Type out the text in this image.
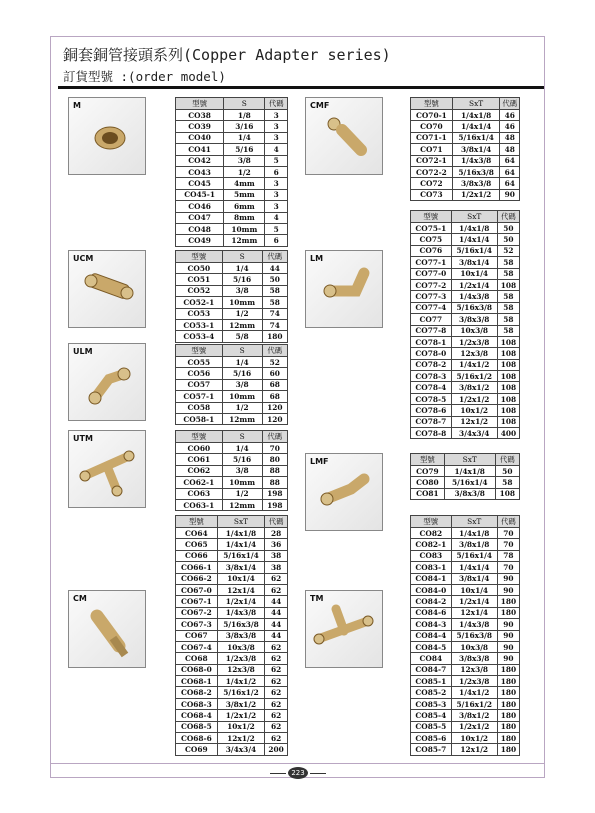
銅套銅管接頭系列(Copper Adapter series)
訂貨型號 :(order model)
M
UCM
ULM
UTM
CM
CMF
LM
LMF
TM
型號	S	代碼
CO38	1/8	3
CO39	3/16	3
CO40	1/4	3
CO41	5/16	4
CO42	3/8	5
CO43	1/2	6
CO45	4mm	3
CO45-1	5mm	3
CO46	6mm	3
CO47	8mm	4
CO48	10mm	5
CO49	12mm	6
型號	S	代碼
CO50	1/4	44
CO51	5/16	50
CO52	3/8	58
CO52-1	10mm	58
CO53	1/2	74
CO53-1	12mm	74
CO53-4	5/8	180
型號	S	代碼
CO55	1/4	52
CO56	5/16	60
CO57	3/8	68
CO57-1	10mm	68
CO58	1/2	120
CO58-1	12mm	120
型號	S	代碼
CO60	1/4	70
CO61	5/16	80
CO62	3/8	88
CO62-1	10mm	88
CO63	1/2	198
CO63-1	12mm	198
型號	SxT	代碼
CO64	1/4x1/8	28
CO65	1/4x1/4	36
CO66	5/16x1/4	38
CO66-1	3/8x1/4	38
CO66-2	10x1/4	62
CO67-0	12x1/4	62
CO67-1	1/2x1/4	44
CO67-2	1/4x3/8	44
CO67-3	5/16x3/8	44
CO67	3/8x3/8	44
CO67-4	10x3/8	62
CO68	1/2x3/8	62
CO68-0	12x3/8	62
CO68-1	1/4x1/2	62
CO68-2	5/16x1/2	62
CO68-3	3/8x1/2	62
CO68-4	1/2x1/2	62
CO68-5	10x1/2	62
CO68-6	12x1/2	62
CO69	3/4x3/4	200
型號	SxT	代碼
CO70-1	1/4x1/8	46
CO70	1/4x1/4	46
CO71-1	5/16x1/4	48
CO71	3/8x1/4	48
CO72-1	1/4x3/8	64
CO72-2	5/16x3/8	64
CO72	3/8x3/8	64
CO73	1/2x1/2	90
型號	SxT	代碼
CO75-1	1/4x1/8	50
CO75	1/4x1/4	50
CO76	5/16x1/4	52
CO77-1	3/8x1/4	58
CO77-0	10x1/4	58
CO77-2	1/2x1/4	108
CO77-3	1/4x3/8	58
CO77-4	5/16x3/8	58
CO77	3/8x3/8	58
CO77-8	10x3/8	58
CO78-1	1/2x3/8	108
CO78-0	12x3/8	108
CO78-2	1/4x1/2	108
CO78-3	5/16x1/2	108
CO78-4	3/8x1/2	108
CO78-5	1/2x1/2	108
CO78-6	10x1/2	108
CO78-7	12x1/2	108
CO78-8	3/4x3/4	400
型號	SxT	代碼
CO79	1/4x1/8	50
CO80	5/16x1/4	58
CO81	3/8x3/8	108
型號	SxT	代碼
CO82	1/4x1/8	70
CO82-1	3/8x1/8	70
CO83	5/16x1/4	78
CO83-1	1/4x1/4	70
CO84-1	3/8x1/4	90
CO84-0	10x1/4	90
CO84-2	1/2x1/4	180
CO84-6	12x1/4	180
CO84-3	1/4x3/8	90
CO84-4	5/16x3/8	90
CO84-5	10x3/8	90
CO84	3/8x3/8	90
CO84-7	12x3/8	180
CO85-1	1/2x3/8	180
CO85-2	1/4x1/2	180
CO85-3	5/16x1/2	180
CO85-4	3/8x1/2	180
CO85-5	1/2x1/2	180
CO85-6	10x1/2	180
CO85-7	12x1/2	180
223
